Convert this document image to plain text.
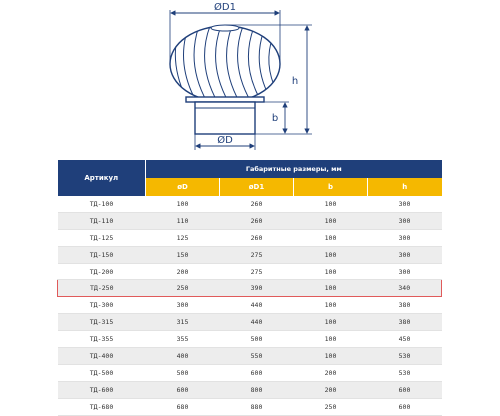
ØD1
ØD
h
b
Артикул	Габаритные размеры, мм			
	øD	øD1	b	h
ТД-100	100	260	100	300
ТД-110	110	260	100	300
ТД-125	125	260	100	300
ТД-150	150	275	100	300
ТД-200	200	275	100	300
ТД-250	250	390	100	340
ТД-300	300	440	100	380
ТД-315	315	440	100	380
ТД-355	355	500	100	450
ТД-400	400	550	100	530
ТД-500	500	600	200	530
ТД-600	600	800	200	600
ТД-680	680	880	250	600
